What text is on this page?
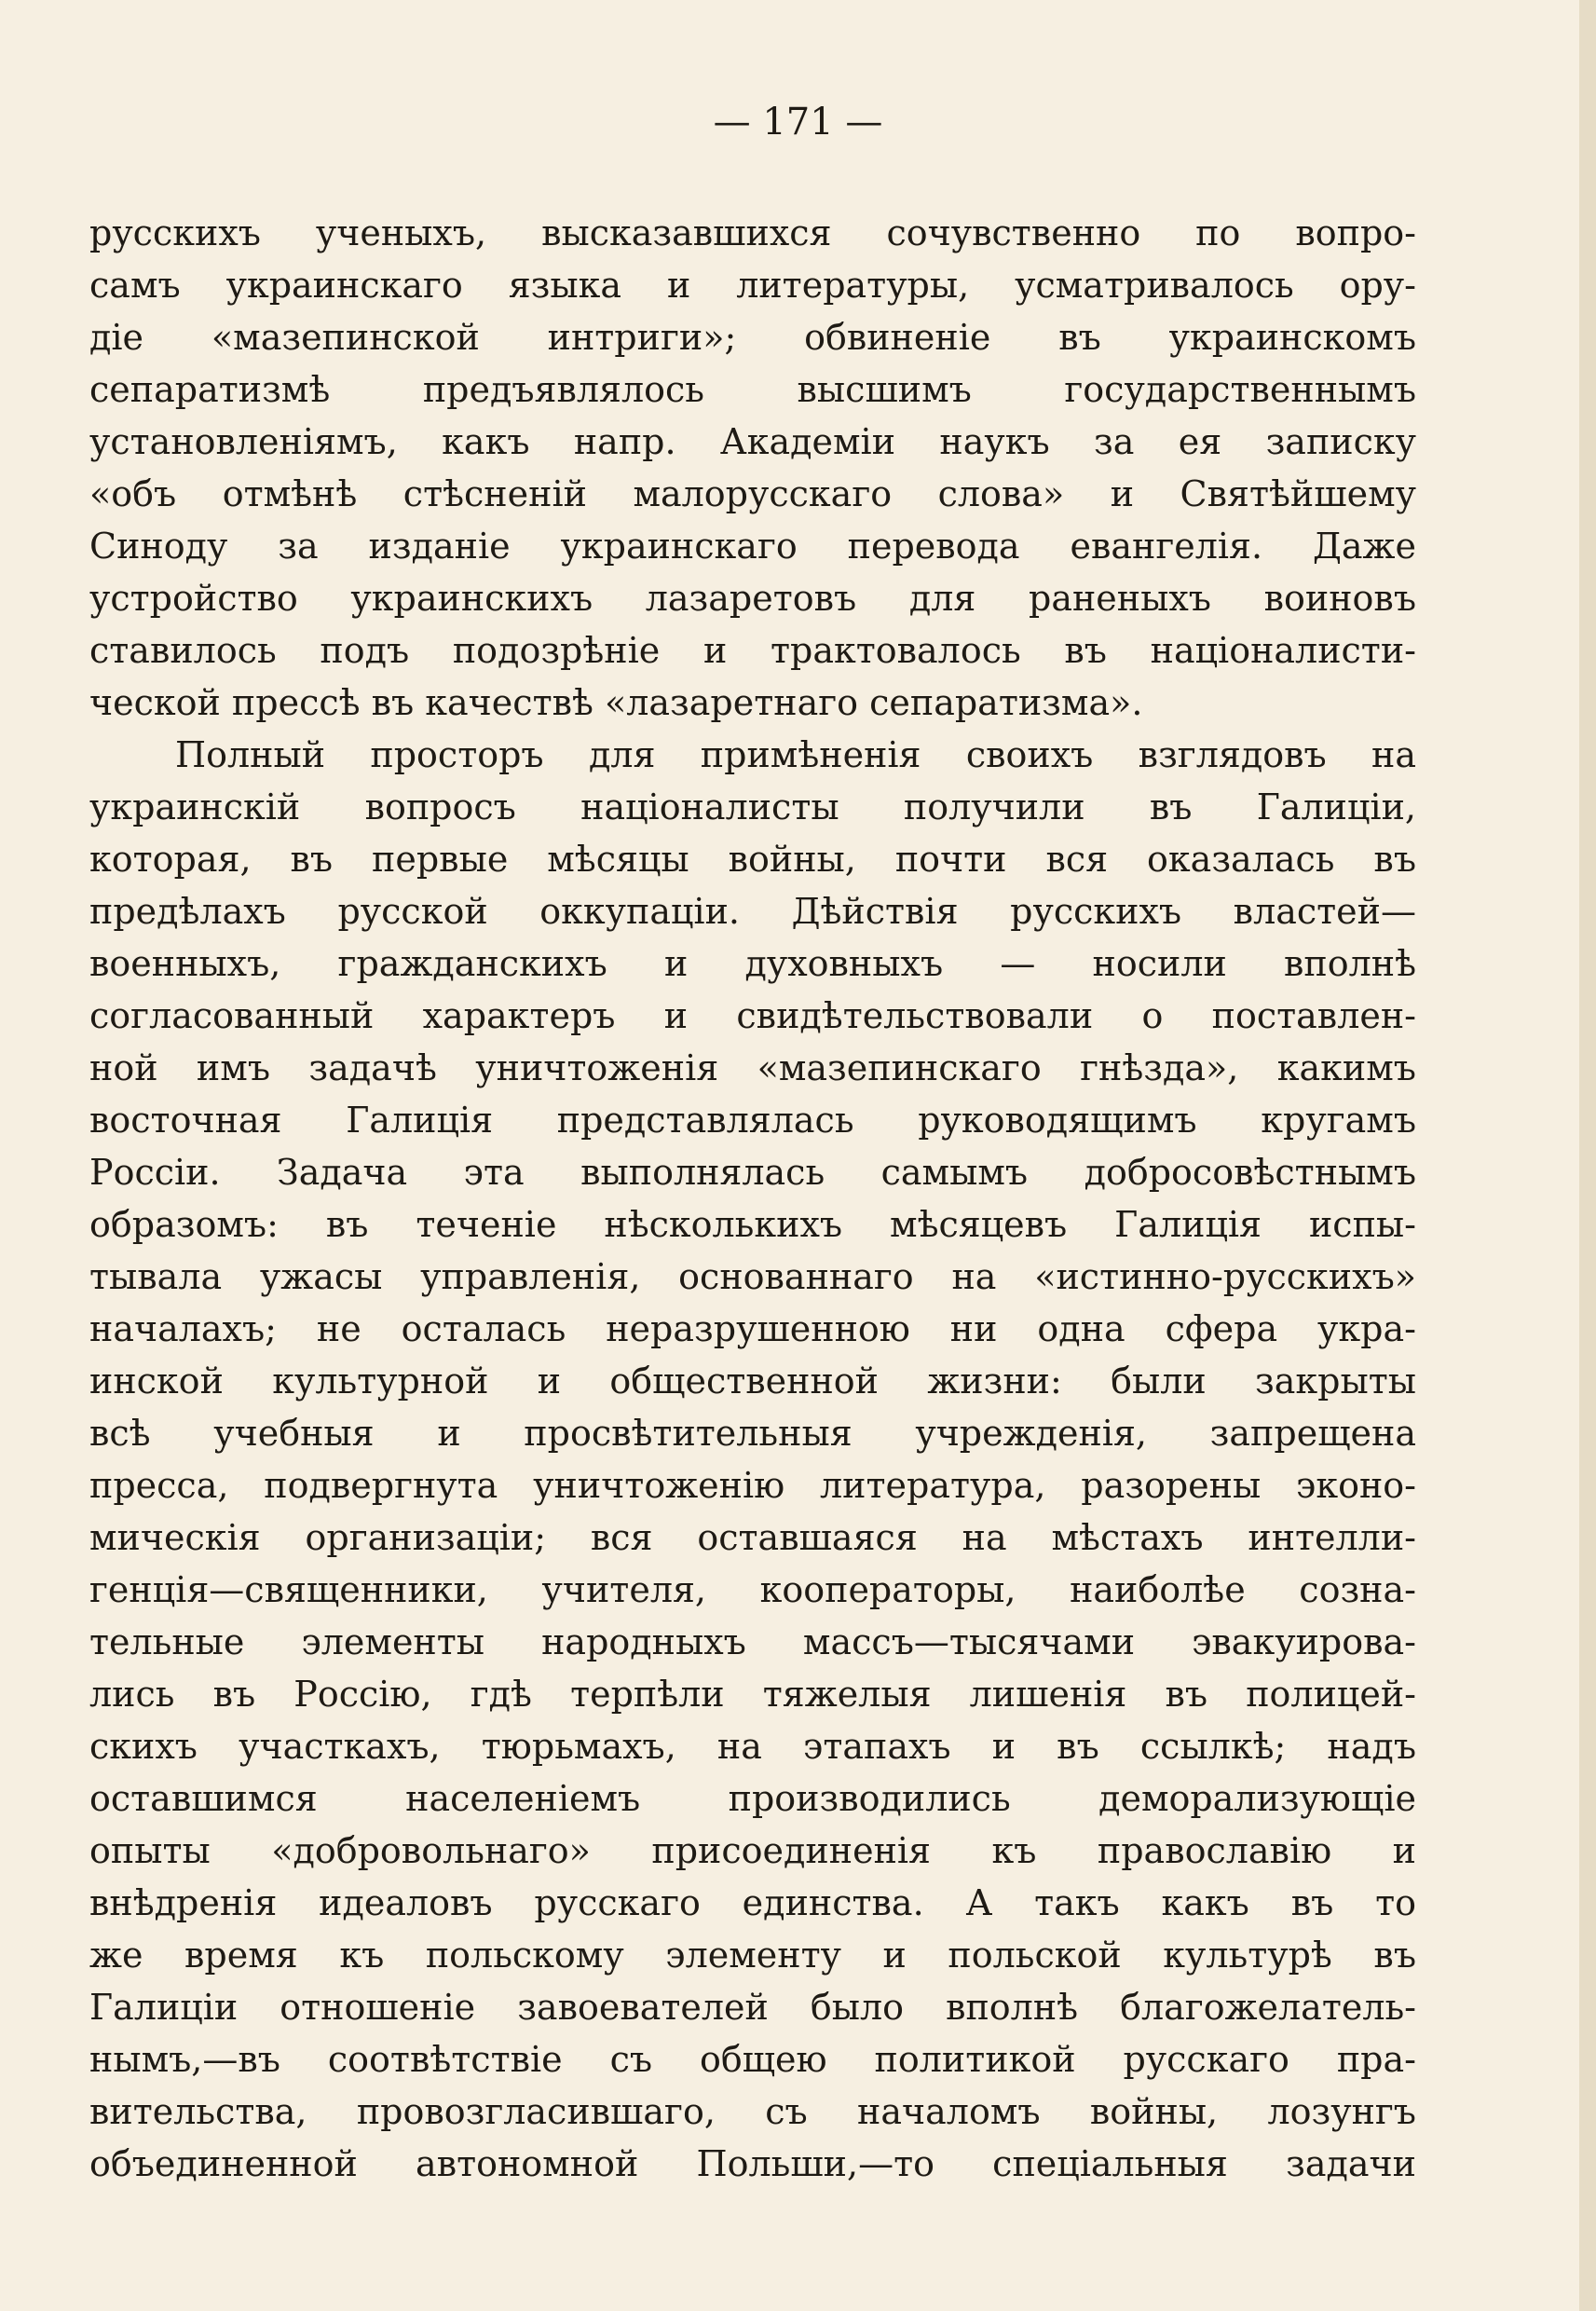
— 171 —
русскихъ ученыхъ, высказавшихся сочувственно по вопро-
самъ украинскаго языка и литературы, усматривалось ору-
діе «мазепинской интриги»; обвиненіе въ украинскомъ
сепаратизмѣ предъявлялось высшимъ государственнымъ
установленіямъ, какъ напр. Академіи наукъ за ея записку
«объ отмѣнѣ стѣсненій малорусскаго слова» и Святѣйшему
Синоду за изданіе украинскаго перевода евангелія. Даже
устройство украинскихъ лазаретовъ для раненыхъ воиновъ
ставилось подъ подозрѣніе и трактовалось въ націоналисти-
ческой прессѣ въ качествѣ «лазаретнаго сепаратизма».
Полный просторъ для примѣненія своихъ взглядовъ на
украинскій вопросъ націоналисты получили въ Галиціи,
которая, въ первые мѣсяцы войны, почти вся оказалась въ
предѣлахъ русской оккупаціи. Дѣйствія русскихъ властей—
военныхъ, гражданскихъ и духовныхъ — носили вполнѣ
согласованный характеръ и свидѣтельствовали о поставлен-
ной имъ задачѣ уничтоженія «мазепинскаго гнѣзда», какимъ
восточная Галиція представлялась руководящимъ кругамъ
Россіи. Задача эта выполнялась самымъ добросовѣстнымъ
образомъ: въ теченіе нѣсколькихъ мѣсяцевъ Галиція испы-
тывала ужасы управленія, основаннаго на «истинно-русскихъ»
началахъ; не осталась неразрушенною ни одна сфера укра-
инской культурной и общественной жизни: были закрыты
всѣ учебныя и просвѣтительныя учрежденія, запрещена
пресса, подвергнута уничтоженію литература, разорены эконо-
мическія организаціи; вся оставшаяся на мѣстахъ интелли-
генція—священники, учителя, кооператоры, наиболѣе созна-
тельные элементы народныхъ массъ—тысячами эвакуирова-
лись въ Россію, гдѣ терпѣли тяжелыя лишенія въ полицей-
скихъ участкахъ, тюрьмахъ, на этапахъ и въ ссылкѣ; надъ
оставшимся населеніемъ производились деморализующіе
опыты «добровольнаго» присоединенія къ православію и
внѣдренія идеаловъ русскаго единства. А такъ какъ въ то
же время къ польскому элементу и польской культурѣ въ
Галиціи отношеніе завоевателей было вполнѣ благожелатель-
нымъ,—въ соотвѣтствіе съ общею политикой русскаго пра-
вительства, провозгласившаго, съ началомъ войны, лозунгъ
объединенной автономной Польши,—то спеціальныя задачи
